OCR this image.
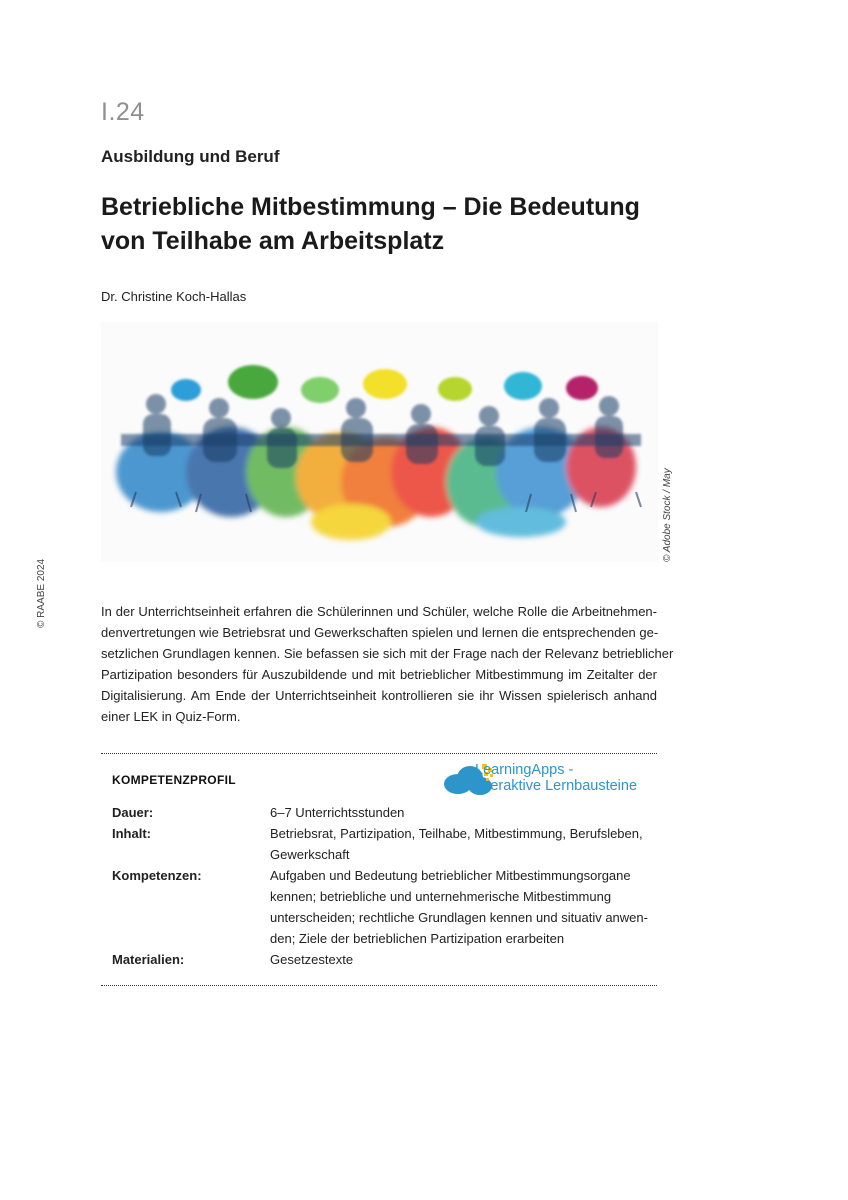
I.24
Ausbildung und Beruf
Betriebliche Mitbestimmung – Die Bedeutung
von Teilhabe am Arbeitsplatz
Dr. Christine Koch-Hallas
© Adobe Stock / May
© RAABE 2024	In der Unterrichtseinheit erfahren die Schülerinnen und Schüler, welche Rolle die Arbeitnehmen-
denvertretungen wie Betriebsrat und Gewerkschaften spielen und lernen die entsprechenden ge-
setzlichen Grundlagen kennen. Sie befassen sie sich mit der Frage nach der Relevanz betrieblicher
Partizipation besonders für Auszubildende und mit betrieblicher Mitbestimmung im Zeitalter der
Digitalisierung. Am Ende der Unterrichtseinheit kontrollieren sie ihr Wissen spielerisch anhand
einer LEK in Quiz-Form.
KOMPETENZPROFIL
LearningApps -
interaktive Lernbausteine
Dauer:	6–7 Unterrichtsstunden
Inhalt:	Betriebsrat, Partizipation, Teilhabe, Mitbestimmung, Berufsleben,
Gewerkschaft
Kompetenzen:	Aufgaben und Bedeutung betrieblicher Mitbestimmungsorgane
kennen; betriebliche und unternehmerische Mitbestimmung
unterscheiden; rechtliche Grundlagen kennen und situativ anwen-
den; Ziele der betrieblichen Partizipation erarbeiten
Materialien:	Gesetzestexte
